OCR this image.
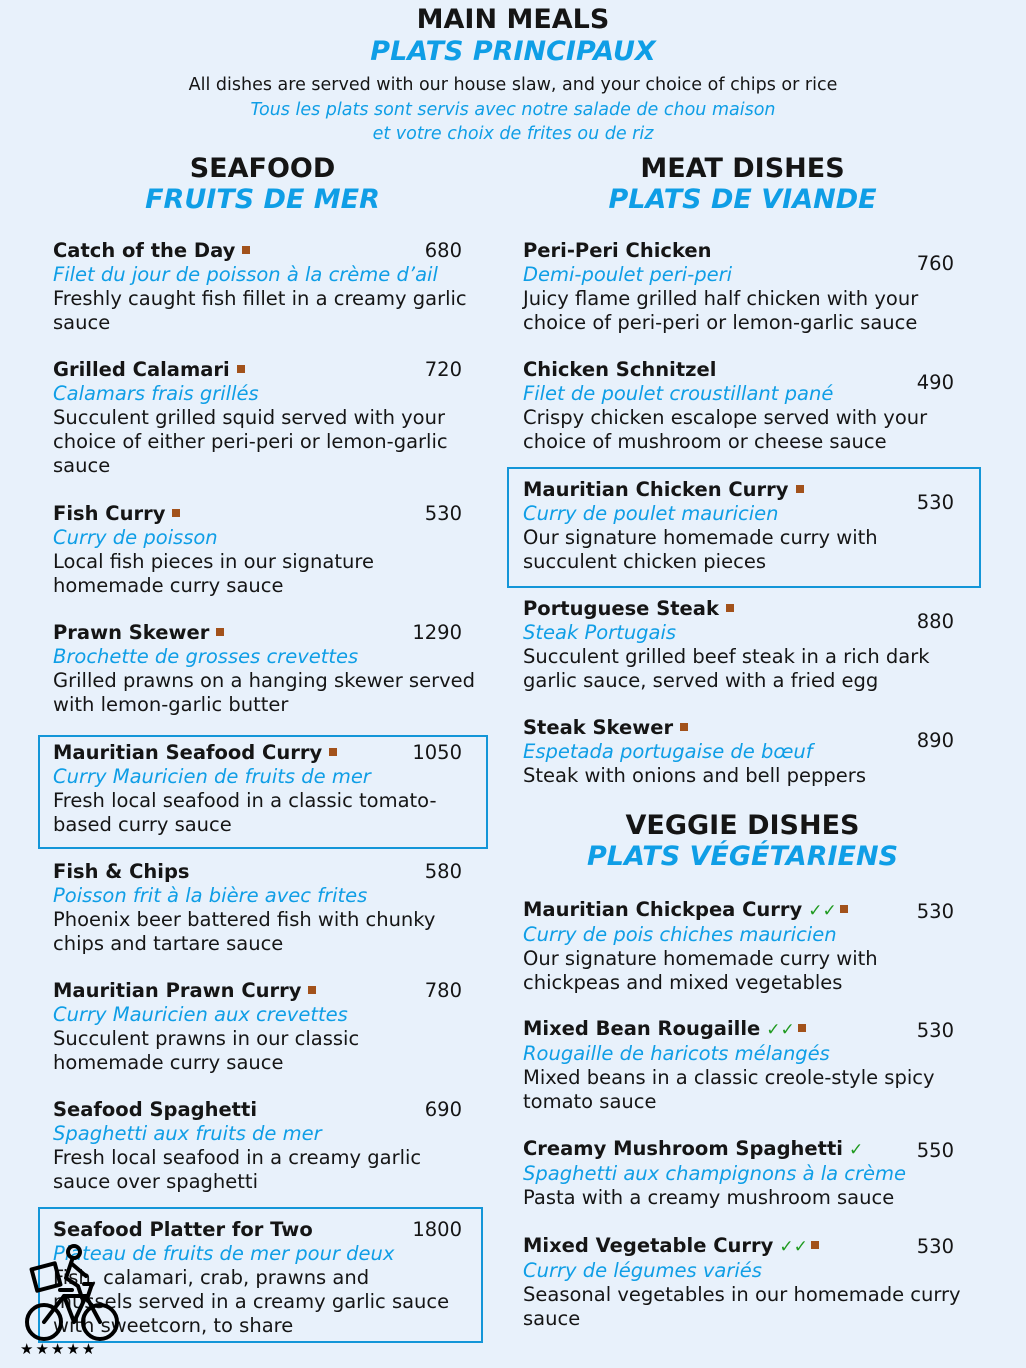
MAIN MEALS
PLATS PRINCIPAUX
All dishes are served with our house slaw, and your choice of chips or rice
Tous les plats sont servis avec notre salade de chou maison
et votre choix de frites ou de riz
SEAFOOD
FRUITS DE MER
MEAT DISHES
PLATS DE VIANDE
VEGGIE DISHES
PLATS VÉGÉTARIENS
Catch of the Day
Filet du jour de poisson à la crème d’ail
Freshly caught fish fillet in a creamy garlic sauce
680
Grilled Calamari
Calamars frais grillés
Succulent grilled squid served with your choice of either peri-peri or lemon-garlic sauce
720
Fish Curry
Curry de poisson
Local fish pieces in our signature homemade curry sauce
530
Prawn Skewer
Brochette de grosses crevettes
Grilled prawns on a hanging skewer served with lemon-garlic butter
1290
Mauritian Seafood Curry
Curry Mauricien de fruits de mer
Fresh local seafood in a classic tomato-based curry sauce
1050
Fish & Chips
Poisson frit à la bière avec frites
Phoenix beer battered fish with chunky chips and tartare sauce
580
Mauritian Prawn Curry
Curry Mauricien aux crevettes
Succulent prawns in our classic homemade curry sauce
780
Seafood Spaghetti
Spaghetti aux fruits de mer
Fresh local seafood in a creamy garlic sauce over spaghetti
690
Seafood Platter for Two
Plateau de fruits de mer pour deux
Fish, calamari, crab, prawns and mussels served in a creamy garlic sauce with sweetcorn, to share
1800
Peri-Peri Chicken
Demi-poulet peri-peri
Juicy flame grilled half chicken with your choice of peri-peri or lemon-garlic sauce
760
Chicken Schnitzel
Filet de poulet croustillant pané
Crispy chicken escalope served with your choice of mushroom or cheese sauce
490
Mauritian Chicken Curry
Curry de poulet mauricien
Our signature homemade curry with succulent chicken pieces
530
Portuguese Steak
Steak Portugais
Succulent grilled beef steak in a rich dark garlic sauce, served with a fried egg
880
Steak Skewer
Espetada portugaise de bœuf
Steak with onions and bell peppers
890
Mauritian Chickpea Curry ✓✓
Curry de pois chiches mauricien
Our signature homemade curry with chickpeas and mixed vegetables
530
Mixed Bean Rougaille ✓✓
Rougaille de haricots mélangés
Mixed beans in a classic creole-style spicy tomato sauce
530
Creamy Mushroom Spaghetti ✓
Spaghetti aux champignons à la crème
Pasta with a creamy mushroom sauce
550
Mixed Vegetable Curry ✓✓
Curry de légumes variés
Seasonal vegetables in our homemade curry sauce
530
★★★★★
